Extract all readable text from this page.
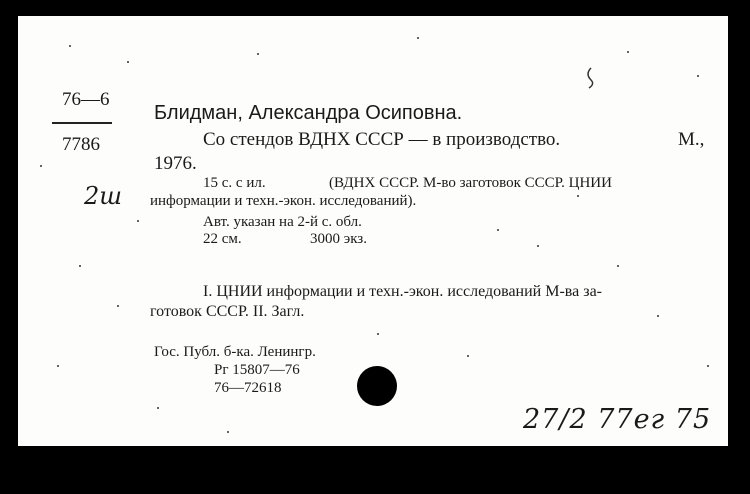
76—6
7786
2ш
Блидман, Александра Осиповна.
Со стендов ВДНХ СССР — в производство.	М.,
1976.
15 с. с ил.	(ВДНХ СССР. М-во заготовок СССР. ЦНИИ
информации и техн.-экон. исследований).
Авт. указан на 2-й с. обл.
22 см.	3000 экз.
I. ЦНИИ информации и техн.-экон. исследований М-ва за-
готовок СССР. II. Загл.
Гос. Публ. б-ка. Ленингр.
Рг 15807—76
76—72618
27/2 77ег 75
